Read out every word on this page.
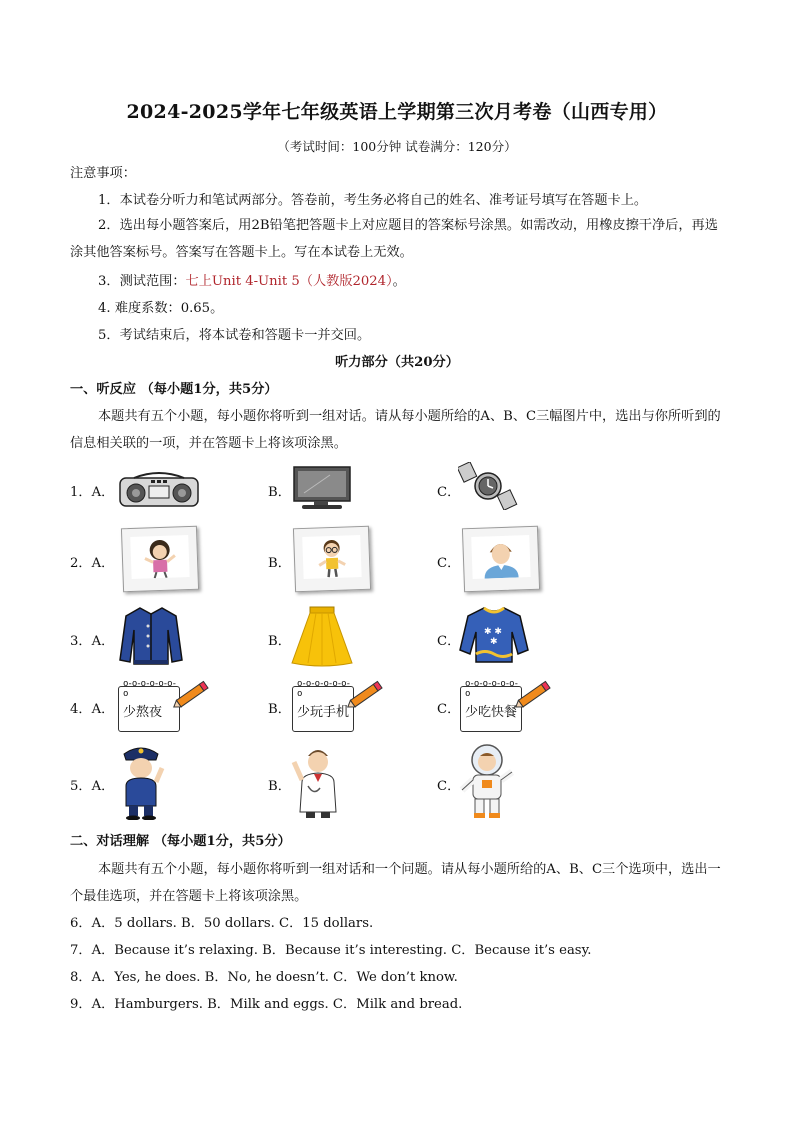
2024-2025学年七年级英语上学期第三次月考卷（山西专用）
（考试时间：100分钟 试卷满分：120分）
注意事项：
1．本试卷分听力和笔试两部分。答卷前，考生务必将自己的姓名、准考证号填写在答题卡上。
2．选出每小题答案后，用2B铅笔把答题卡上对应题目的答案标号涂黑。如需改动，用橡皮擦干净后，再选涂其他答案标号。答案写在答题卡上。写在本试卷上无效。
3．测试范围：七上Unit 4-Unit 5（人教版2024）。
4. 难度系数：0.65。
5．考试结束后，将本试卷和答题卡一并交回。
听力部分（共20分）
一、听反应 （每小题1分，共5分）
本题共有五个小题，每小题你将听到一组对话。请从每小题所给的A、B、C三幅图片中，选出与你所听到的信息相关联的一项，并在答题卡上将该项涂黑。
1．A．	B．	C．
2．A．	B．	C．
3．A．	B．	C．
✱ ✱
✱
4．A．
o-o-o-o-o-o-o
少熬夜	B．
o-o-o-o-o-o-o
少玩手机	C．
o-o-o-o-o-o-o
少吃快餐
5．A．	B．	C．
二、对话理解 （每小题1分，共5分）
本题共有五个小题，每小题你将听到一组对话和一个问题。请从每小题所给的A、B、C三个选项中，选出一个最佳选项，并在答题卡上将该项涂黑。
6．A．5 dollars. B．50 dollars. C．15 dollars.
7．A．Because it’s relaxing. B．Because it’s interesting. C．Because it’s easy.
8．A．Yes, he does. B．No, he doesn’t. C．We don’t know.
9．A．Hamburgers. B．Milk and eggs. C．Milk and bread.
